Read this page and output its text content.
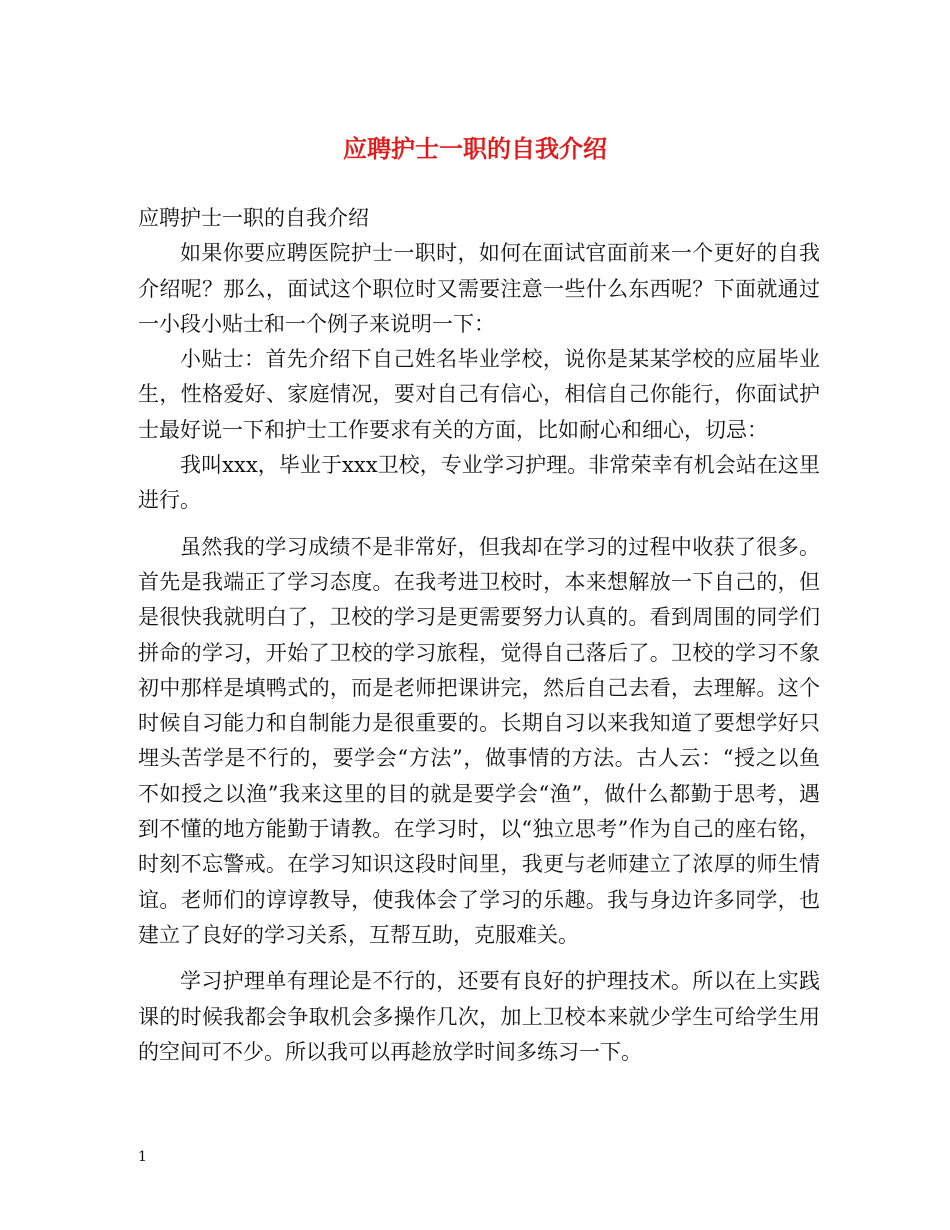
应聘护士一职的自我介绍

应聘护士一职的自我介绍

如果你要应聘医院护士一职时，如何在面试官面前来一个更好的自我介绍呢？那么，面试这个职位时又需要注意一些什么东西呢？下面就通过一小段小贴士和一个例子来说明一下：

小贴士：首先介绍下自己姓名毕业学校，说你是某某学校的应届毕业生，性格爱好、家庭情况，要对自己有信心，相信自己你能行，你面试护士最好说一下和护士工作要求有关的方面，比如耐心和细心，切忌：

我叫xxx，毕业于xxx卫校，专业学习护理。非常荣幸有机会站在这里进行。

虽然我的学习成绩不是非常好，但我却在学习的过程中收获了很多。首先是我端正了学习态度。在我考进卫校时，本来想解放一下自己的，但是很快我就明白了，卫校的学习是更需要努力认真的。看到周围的同学们拼命的学习，开始了卫校的学习旅程，觉得自己落后了。卫校的学习不象初中那样是填鸭式的，而是老师把课讲完，然后自己去看，去理解。这个时候自习能力和自制能力是很重要的。长期自习以来我知道了要想学好只埋头苦学是不行的，要学会“方法”，做事情的方法。古人云：“授之以鱼不如授之以渔”我来这里的目的就是要学会“渔”，做什么都勤于思考，遇到不懂的地方能勤于请教。在学习时，以“独立思考”作为自己的座右铭，时刻不忘警戒。在学习知识这段时间里，我更与老师建立了浓厚的师生情谊。老师们的谆谆教导，使我体会了学习的乐趣。我与身边许多同学，也建立了良好的学习关系，互帮互助，克服难关。

学习护理单有理论是不行的，还要有良好的护理技术。所以在上实践课的时候我都会争取机会多操作几次，加上卫校本来就少学生可给学生用的空间可不少。所以我可以再趁放学时间多练习一下。

1
